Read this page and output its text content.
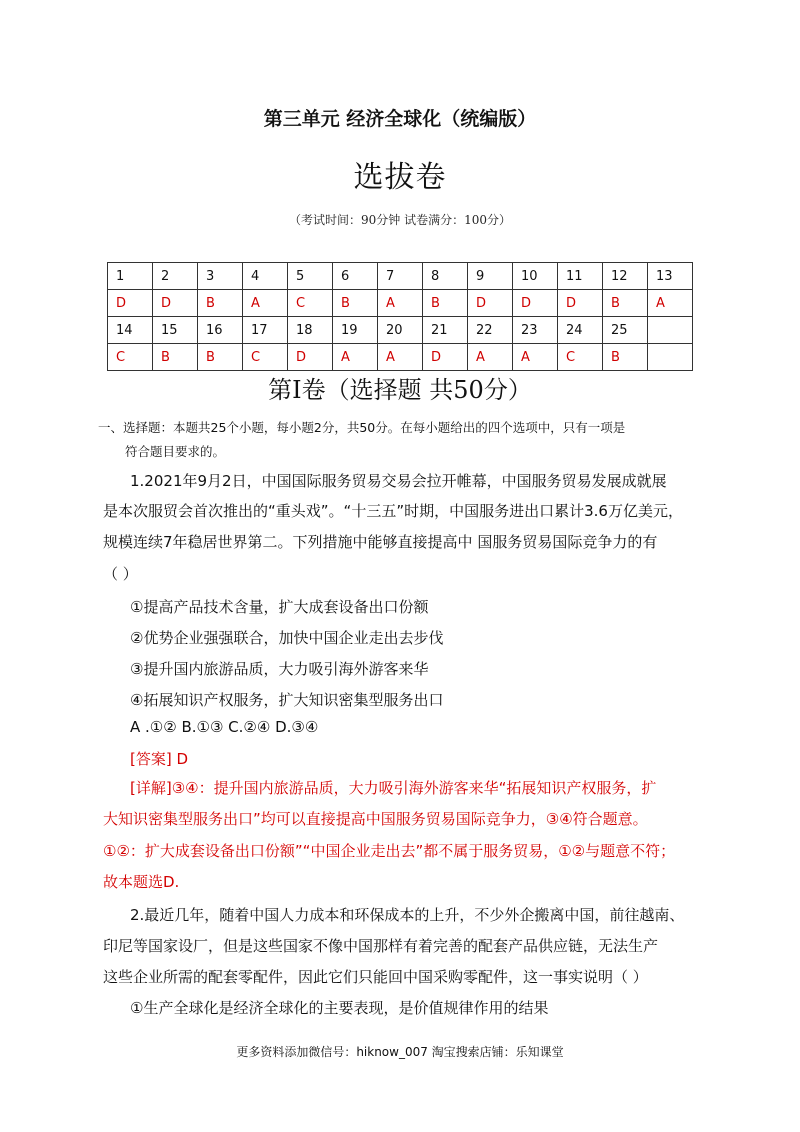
第三单元 经济全球化（统编版）
选拔卷
（考试时间：90分钟 试卷满分：100分）
1	2	3	4	5	6	7	8	9	10	11	12	13
D	D	B	A	C	B	A	B	D	D	D	B	A
14	15	16	17	18	19	20	21	22	23	24	25	
C	B	B	C	D	A	A	D	A	A	C	B	
第I卷（选择题 共50分）
一、选择题：本题共25个小题，每小题2分，共50分。在每小题给出的四个选项中，只有一项是
符合题目要求的。
1.2021年9月2日，中国国际服务贸易交易会拉开帷幕，中国服务贸易发展成就展
是本次服贸会首次推出的“重头戏”。“十三五”时期，中国服务进出口累计3.6万亿美元，
规模连续7年稳居世界第二。下列措施中能够直接提高中 国服务贸易国际竞争力的有
（ ）
①提高产品技术含量，扩大成套设备出口份额
②优势企业强强联合，加快中国企业走出去步伐
③提升国内旅游品质，大力吸引海外游客来华
④拓展知识产权服务，扩大知识密集型服务出口
A .①② B.①③ C.②④ D.③④
[答案] D
[详解]③④：提升国内旅游品质，大力吸引海外游客来华“拓展知识产权服务，扩
大知识密集型服务出口”均可以直接提高中国服务贸易国际竞争力，③④符合题意。
①②：扩大成套设备出口份额”“中国企业走出去”都不属于服务贸易，①②与题意不符；
故本题选D.
2.最近几年，随着中国人力成本和环保成本的上升，不少外企搬离中国，前往越南、
印尼等国家设厂，但是这些国家不像中国那样有着完善的配套产品供应链，无法生产
这些企业所需的配套零配件，因此它们只能回中国采购零配件，这一事实说明（ ）
①生产全球化是经济全球化的主要表现，是价值规律作用的结果
更多资料添加微信号：hiknow_007 淘宝搜索店铺：乐知课堂
